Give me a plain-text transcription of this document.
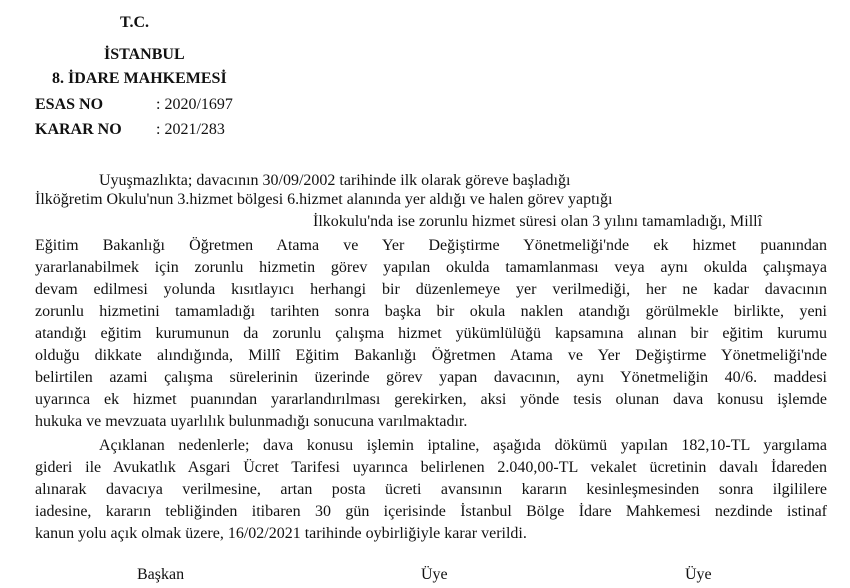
T.C.
İSTANBUL
8. İDARE MAHKEMESİ
ESAS NO	: 2020/1697
KARAR NO : 2021/283
Uyuşmazlıkta; davacının 30/09/2002 tarihinde ilk olarak göreve başladığı
İlköğretim Okulu'nun 3.hizmet bölgesi 6.hizmet alanında yer aldığı ve halen görev yaptığı
İlkokulu'nda ise zorunlu hizmet süresi olan 3 yılını tamamladığı, Millî
Eğitim Bakanlığı Öğretmen Atama ve Yer Değiştirme Yönetmeliği'nde ek hizmet puanından
yararlanabilmek için zorunlu hizmetin görev yapılan okulda tamamlanması veya aynı okulda çalışmaya
devam edilmesi yolunda kısıtlayıcı herhangi bir düzenlemeye yer verilmediği, her ne kadar davacının
zorunlu hizmetini tamamladığı tarihten sonra başka bir okula naklen atandığı görülmekle birlikte, yeni
atandığı eğitim kurumunun da zorunlu çalışma hizmet yükümlülüğü kapsamına alınan bir eğitim kurumu
olduğu dikkate alındığında, Millî Eğitim Bakanlığı Öğretmen Atama ve Yer Değiştirme Yönetmeliği'nde
belirtilen azami çalışma sürelerinin üzerinde görev yapan davacının, aynı Yönetmeliğin 40/6. maddesi
uyarınca ek hizmet puanından yararlandırılması gerekirken, aksi yönde tesis olunan dava konusu işlemde
hukuka ve mevzuata uyarlılık bulunmadığı sonucuna varılmaktadır.
Açıklanan nedenlerle; dava konusu işlemin iptaline, aşağıda dökümü yapılan 182,10-TL yargılama
gideri ile Avukatlık Asgari Ücret Tarifesi uyarınca belirlenen 2.040,00-TL vekalet ücretinin davalı İdareden
alınarak davacıya verilmesine, artan posta ücreti avansının kararın kesinleşmesinden sonra ilgililere
iadesine, kararın tebliğinden itibaren 30 gün içerisinde İstanbul Bölge İdare Mahkemesi nezdinde istinaf
kanun yolu açık olmak üzere, 16/02/2021 tarihinde oybirliğiyle karar verildi.
Başkan	Üye	Üye
